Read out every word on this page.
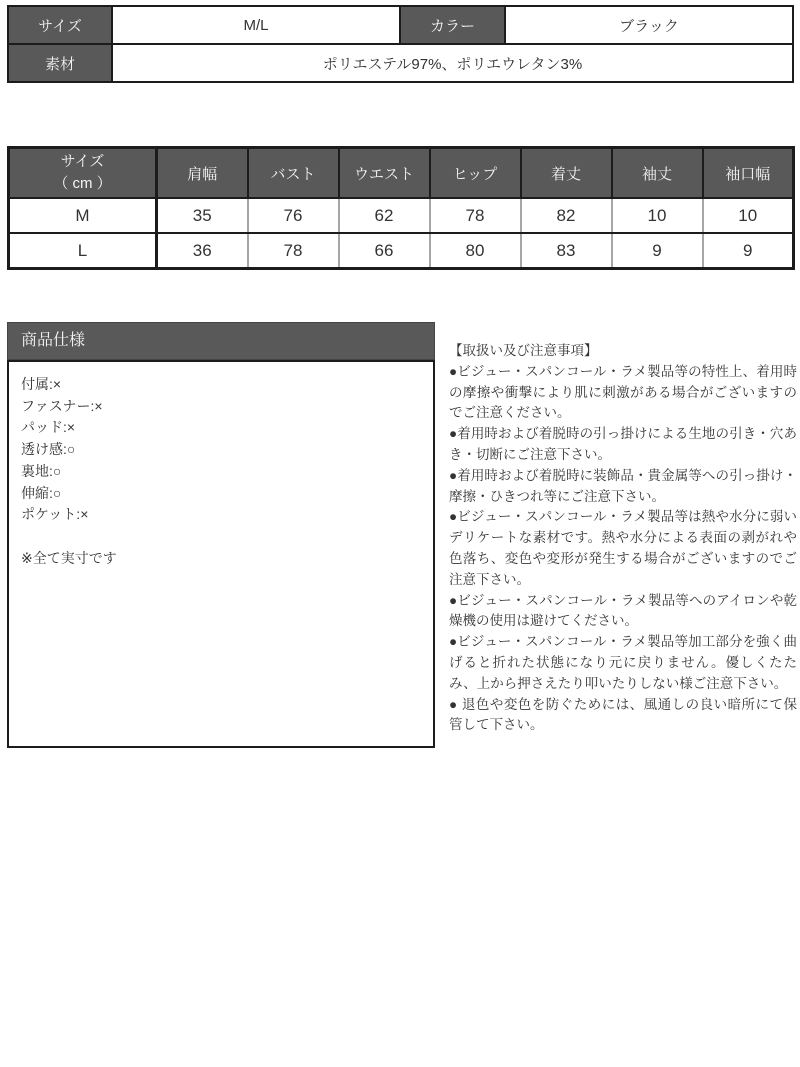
サイズ	M/L	カラー	ブラック
素材	ポリエステル97%、ポリエウレタン3%		
サイズ
（ cm ）	肩幅	バスト	ウエスト	ヒップ	着丈	袖丈	袖口幅
M	35	76	62	78	82	10	10
L	36	78	66	80	83	9	9
商品仕様
付属:×
ファスナー:×
パッド:×
透け感:○
裏地:○
伸縮:○
ポケット:×
※全て実寸です

【取扱い及び注意事項】

●ビジュー・スパンコール・ラメ製品等の特性上、着用時の摩擦や衝撃により肌に刺激がある場合がございますのでご注意ください。

●着用時および着脱時の引っ掛けによる生地の引き・穴あき・切断にご注意下さい。

●着用時および着脱時に装飾品・貴金属等への引っ掛け・摩擦・ひきつれ等にご注意下さい。

●ビジュー・スパンコール・ラメ製品等は熱や水分に弱いデリケートな素材です。熱や水分による表面の剥がれや色落ち、変色や変形が発生する場合がございますのでご注意下さい。

●ビジュー・スパンコール・ラメ製品等へのアイロンや乾燥機の使用は避けてください。

●ビジュー・スパンコール・ラメ製品等加工部分を強く曲げると折れた状態になり元に戻りません。優しくたたみ、上から押さえたり叩いたりしない様ご注意下さい。

● 退色や変色を防ぐためには、風通しの良い暗所にて保管して下さい。
